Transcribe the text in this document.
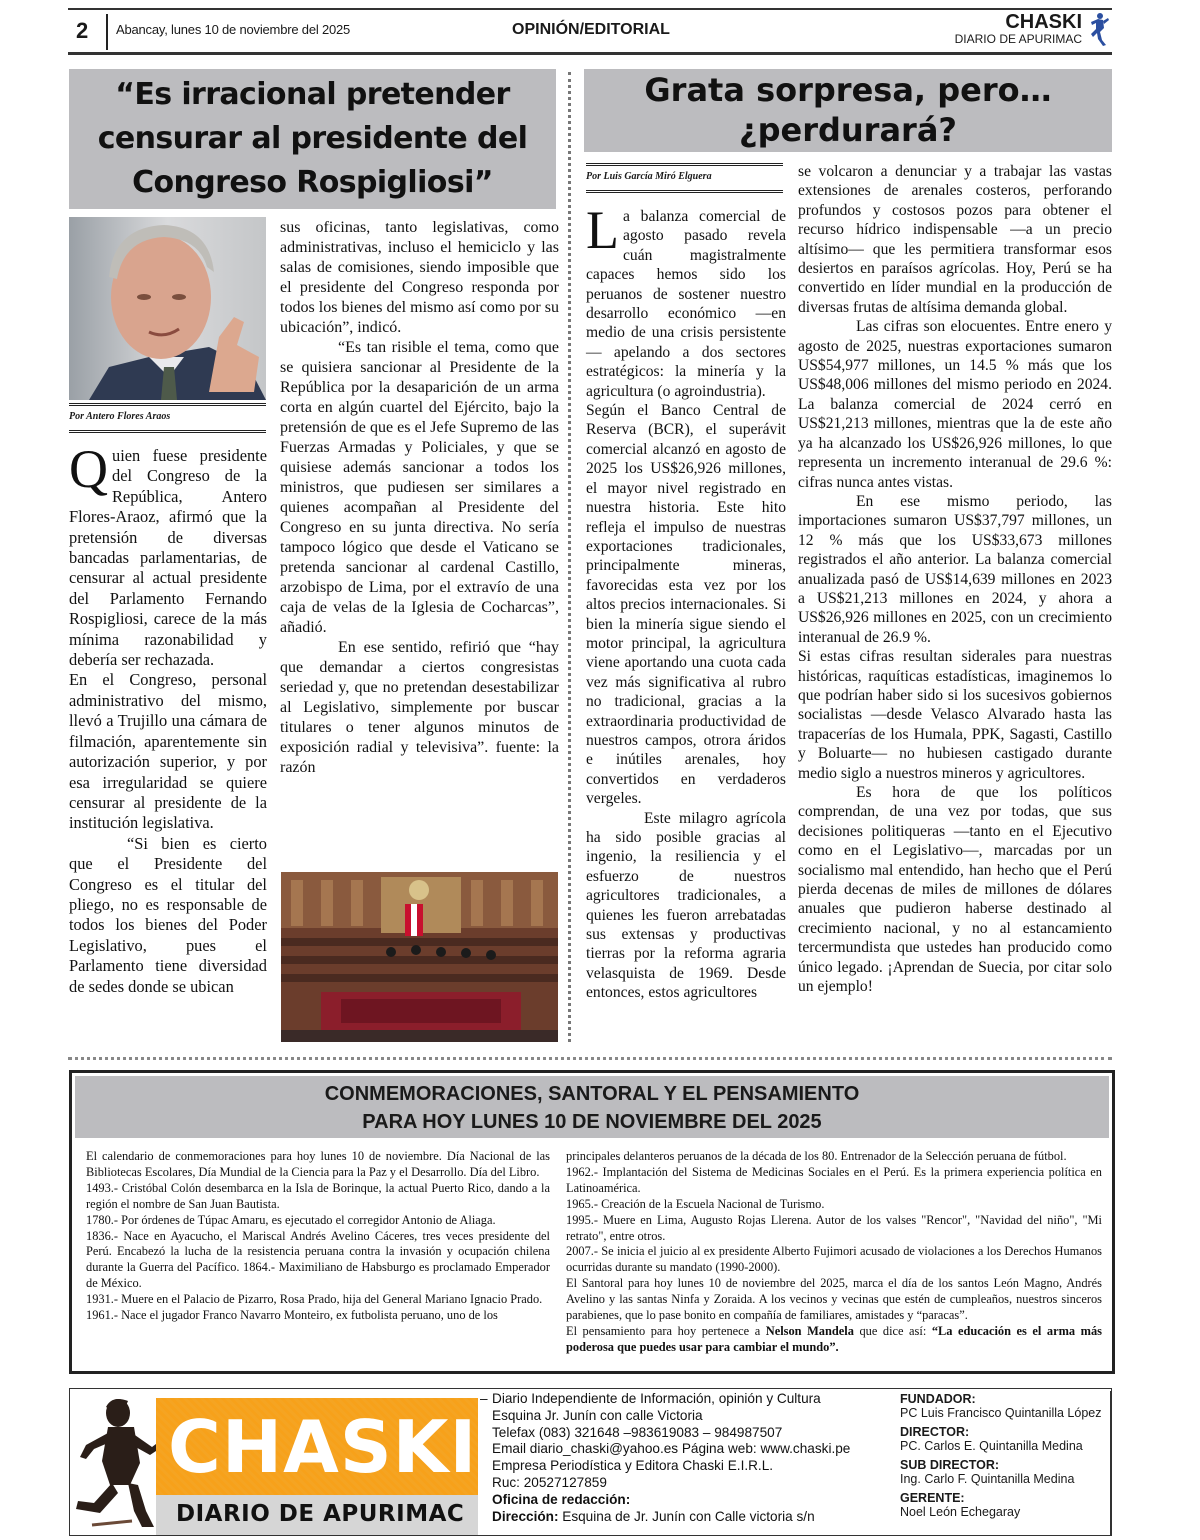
2 Abancay, lunes 10 de noviembre del 2025	OPINIÓN/EDITORIAL	CHASKI
DIARIO DE APURIMAC
“Es irracional pretender censurar al presidente del Congreso Rospigliosi”
Por Antero Flores Araos

Quien fuese presidente del Congreso de la República, Antero Flores-Araoz, afirmó que la pretensión de diversas bancadas parlamentarias, de censurar al actual presidente del Parlamento Fernando Rospigliosi, carece de la más mínima razonabilidad y debería ser rechazada.

En el Congreso, personal administrativo del mismo, llevó a Trujillo una cámara de filmación, aparentemente sin autorización superior, y por esa irregularidad se quiere censurar al presidente de la institución legislativa.

“Si bien es cierto que el Presidente del Congreso es el titular del pliego, no es responsable de todos los bienes del Poder Legislativo, pues el Parlamento tiene diversidad de sedes donde se ubican

sus oficinas, tanto legislativas, como administrativas, incluso el hemiciclo y las salas de comisiones, siendo imposible que el presidente del Congreso responda por todos los bienes del mismo así como por su ubicación”, indicó.

“Es tan risible el tema, como que se quisiera sancionar al Presidente de la República por la desaparición de un arma corta en algún cuartel del Ejército, bajo la pretensión de que es el Jefe Supremo de las Fuerzas Armadas y Policiales, y que se quisiese además sancionar a todos los ministros, que pudiesen ser similares a quienes acompañan al Presidente del Congreso en su junta directiva. No sería tampoco lógico que desde el Vaticano se pretenda sancionar al cardenal Castillo, arzobispo de Lima, por el extravío de una caja de velas de la Iglesia de Cocharcas”, añadió.

En ese sentido, refirió que “hay que demandar a ciertos congresistas seriedad y, que no pretendan desestabilizar al Legislativo, simplemente por buscar titulares o tener algunos minutos de exposición radial y televisiva”. fuente: la razón

Grata sorpresa, pero… ¿perdurará?
Por Luis García Miró Elguera

La balanza comercial de agosto pasado revela cuán magistralmente capaces hemos sido los peruanos de sostener nuestro desarrollo económico —en medio de una crisis persistente— apelando a dos sectores estratégicos: la minería y la agricultura (o agroindustria).

Según el Banco Central de Reserva (BCR), el superávit comercial alcanzó en agosto de 2025 los US$26,926 millones, el mayor nivel registrado en nuestra historia. Este hito refleja el impulso de nuestras exportaciones tradicionales, principalmente mineras, favorecidas esta vez por los altos precios internacionales. Si bien la minería sigue siendo el motor principal, la agricultura viene aportando una cuota cada vez más significativa al rubro no tradicional, gracias a la extraordinaria productividad de nuestros campos, otrora áridos e inútiles arenales, hoy convertidos en verdaderos vergeles.

Este milagro agrícola ha sido posible gracias al ingenio, la resiliencia y el esfuerzo de nuestros agricultores tradicionales, a quienes les fueron arrebatadas sus extensas y productivas tierras por la reforma agraria velasquista de 1969. Desde entonces, estos agricultores

se volcaron a denunciar y a trabajar las vastas extensiones de arenales costeros, perforando profundos y costosos pozos para obtener el recurso hídrico indispensable —a un precio altísimo— que les permitiera transformar esos desiertos en paraísos agrícolas. Hoy, Perú se ha convertido en líder mundial en la producción de diversas frutas de altísima demanda global.

Las cifras son elocuentes. Entre enero y agosto de 2025, nuestras exportaciones sumaron US$54,977 millones, un 14.5 % más que los US$48,006 millones del mismo periodo en 2024. La balanza comercial de 2024 cerró en US$21,213 millones, mientras que la de este año ya ha alcanzado los US$26,926 millones, lo que representa un incremento interanual de 29.6 %: cifras nunca antes vistas.

En ese mismo periodo, las importaciones sumaron US$37,797 millones, un 12 % más que los US$33,673 millones registrados el año anterior. La balanza comercial anualizada pasó de US$14,639 millones en 2023 a US$21,213 millones en 2024, y ahora a US$26,926 millones en 2025, con un crecimiento interanual de 26.9 %.

Si estas cifras resultan siderales para nuestras históricas, raquíticas estadísticas, imaginemos lo que podrían haber sido si los sucesivos gobiernos socialistas —desde Velasco Alvarado hasta las trapacerías de los Humala, PPK, Sagasti, Castillo y Boluarte— no hubiesen castigado durante medio siglo a nuestros mineros y agricultores.

Es hora de que los políticos comprendan, de una vez por todas, que sus decisiones politiqueras —tanto en el Ejecutivo como en el Legislativo—, marcadas por un socialismo mal entendido, han hecho que el Perú pierda decenas de miles de millones de dólares anuales que pudieron haberse destinado al crecimiento nacional, y no al estancamiento tercermundista que ustedes han producido como único legado. ¡Aprendan de Suecia, por citar solo un ejemplo!

CONMEMORACIONES, SANTORAL Y EL PENSAMIENTO
PARA HOY LUNES 10 DE NOVIEMBRE DEL 2025

El calendario de conmemoraciones para hoy lunes 10 de noviembre. Día Nacional de las Bibliotecas Escolares, Día Mundial de la Ciencia para la Paz y el Desarrollo. Día del Libro.

1493.- Cristóbal Colón desembarca en la Isla de Borinque, la actual Puerto Rico, dando a la región el nombre de San Juan Bautista.

1780.- Por órdenes de Túpac Amaru, es ejecutado el corregidor Antonio de Aliaga.

1836.- Nace en Ayacucho, el Mariscal Andrés Avelino Cáceres, tres veces presidente del Perú. Encabezó la lucha de la resistencia peruana contra la invasión y ocupación chilena durante la Guerra del Pacífico. 1864.- Maximiliano de Habsburgo es proclamado Emperador de México.

1931.- Muere en el Palacio de Pizarro, Rosa Prado, hija del General Mariano Ignacio Prado.

1961.- Nace el jugador Franco Navarro Monteiro, ex futbolista peruano, uno de los

principales delanteros peruanos de la década de los 80. Entrenador de la Selección peruana de fútbol.

1962.- Implantación del Sistema de Medicinas Sociales en el Perú. Es la primera experiencia política en Latinoamérica.

1965.- Creación de la Escuela Nacional de Turismo.

1995.- Muere en Lima, Augusto Rojas Llerena. Autor de los valses "Rencor", "Navidad del niño", "Mi retrato", entre otros.

2007.- Se inicia el juicio al ex presidente Alberto Fujimori acusado de violaciones a los Derechos Humanos ocurridas durante su mandato (1990-2000).

El Santoral para hoy lunes 10 de noviembre del 2025, marca el día de los santos León Magno, Andrés Avelino y las santas Ninfa y Zoraida. A los vecinos y vecinas que estén de cumpleaños, nuestros sinceros parabienes, que lo pase bonito en compañía de familiares, amistades y “paracas”.

El pensamiento para hoy pertenece a Nelson Mandela que dice así: “La educación es el arma más poderosa que puedes usar para cambiar el mundo”.

CHASKI
DIARIO DE APURIMAC
– Diario Independiente de Información, opinión y Cultura
Esquina Jr. Junín con calle Victoria
Telefax (083) 321648 –983619083 – 984987507
Email diario_chaski@yahoo.es Página web: www.chaski.pe
Empresa Periodística y Editora Chaski E.I.R.L.
Ruc: 20527127859
Oficina de redacción:
Dirección: Esquina de Jr. Junín con Calle victoria s/n
FUNDADOR:
PC Luis Francisco Quintanilla López
DIRECTOR:
PC. Carlos E. Quintanilla Medina
SUB DIRECTOR:
Ing. Carlo F. Quintanilla Medina
GERENTE:
Noel León Echegaray
